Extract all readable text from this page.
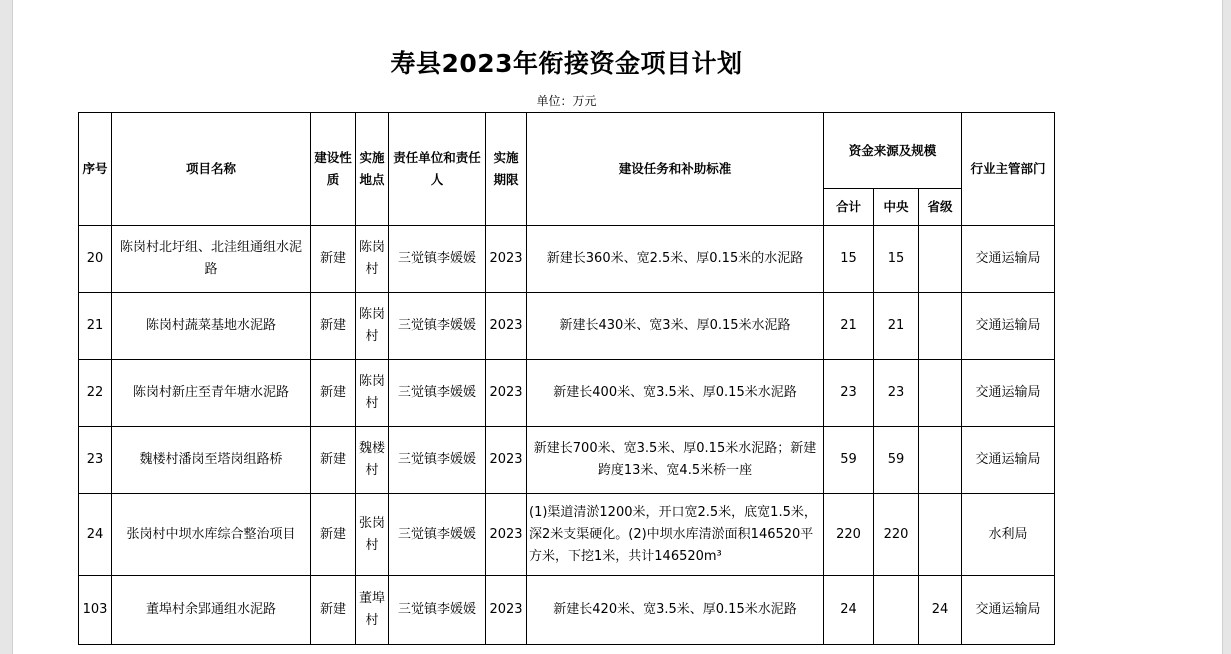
寿县2023年衔接资金项目计划
单位：万元
序号	项目名称	建设性质	实施地点	责任单位和责任人	实施期限	建设任务和补助标准	资金来源及规模			行业主管部门
							合计	中央	省级	
20	陈岗村北圩组、北洼组通组水泥路	新建	陈岗村	三觉镇李媛媛	2023	新建长360米、宽2.5米、厚0.15米的水泥路	15	15		交通运输局
21	陈岗村蔬菜基地水泥路	新建	陈岗村	三觉镇李媛媛	2023	新建长430米、宽3米、厚0.15米水泥路	21	21		交通运输局
22	陈岗村新庄至青年塘水泥路	新建	陈岗村	三觉镇李媛媛	2023	新建长400米、宽3.5米、厚0.15米水泥路	23	23		交通运输局
23	魏楼村潘岗至塔岗组路桥	新建	魏楼村	三觉镇李媛媛	2023	新建长700米、宽3.5米、厚0.15米水泥路；新建跨度13米、宽4.5米桥一座	59	59		交通运输局
24	张岗村中坝水库综合整治项目	新建	张岗村	三觉镇李媛媛	2023	(1)渠道清淤1200米，开口宽2.5米，底宽1.5米， 深2米支渠硬化。(2)中坝水库清淤面积146520平方米，下挖1米，共计146520m³	220	220		水利局
103	董埠村余郢通组水泥路	新建	董埠村	三觉镇李媛媛	2023	新建长420米、宽3.5米、厚0.15米水泥路	24		24	交通运输局
